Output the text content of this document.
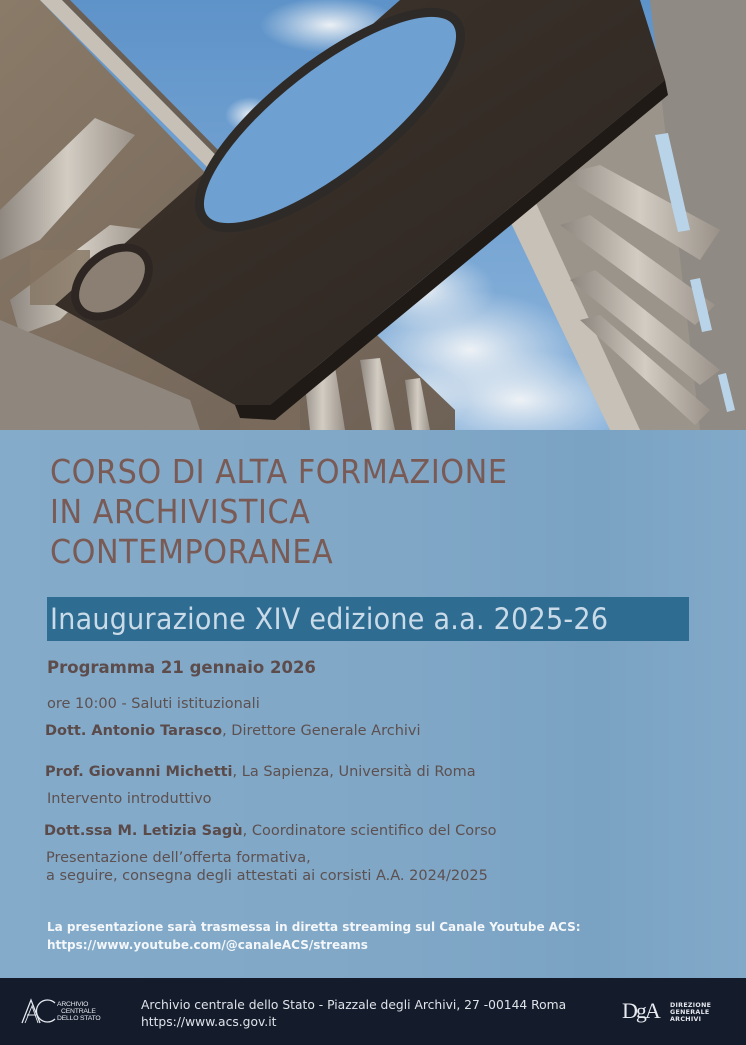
CORSO DI ALTA FORMAZIONE
IN ARCHIVISTICA
CONTEMPORANEA
Inaugurazione XIV edizione a.a. 2025-26
Programma 21 gennaio 2026
ore 10:00 - Saluti istituzionali
Dott. Antonio Tarasco, Direttore Generale Archivi
Prof. Giovanni Michetti, La Sapienza, Università di Roma
Intervento introduttivo
Dott.ssa M. Letizia Sagù, Coordinatore scientifico del Corso
Presentazione dell’offerta formativa,
a seguire, consegna degli attestati ai corsisti A.A. 2024/2025
La presentazione sarà trasmessa in diretta streaming sul Canale Youtube ACS:
https://www.youtube.com/@canaleACS/streams
ARCHIVIO
CENTRALE
DELLO STATO
Archivio centrale dello Stato - Piazzale degli Archivi, 27 -00144 Roma
https://www.acs.gov.it	DgA DIREZIONE
GENERALE
ARCHIVI
